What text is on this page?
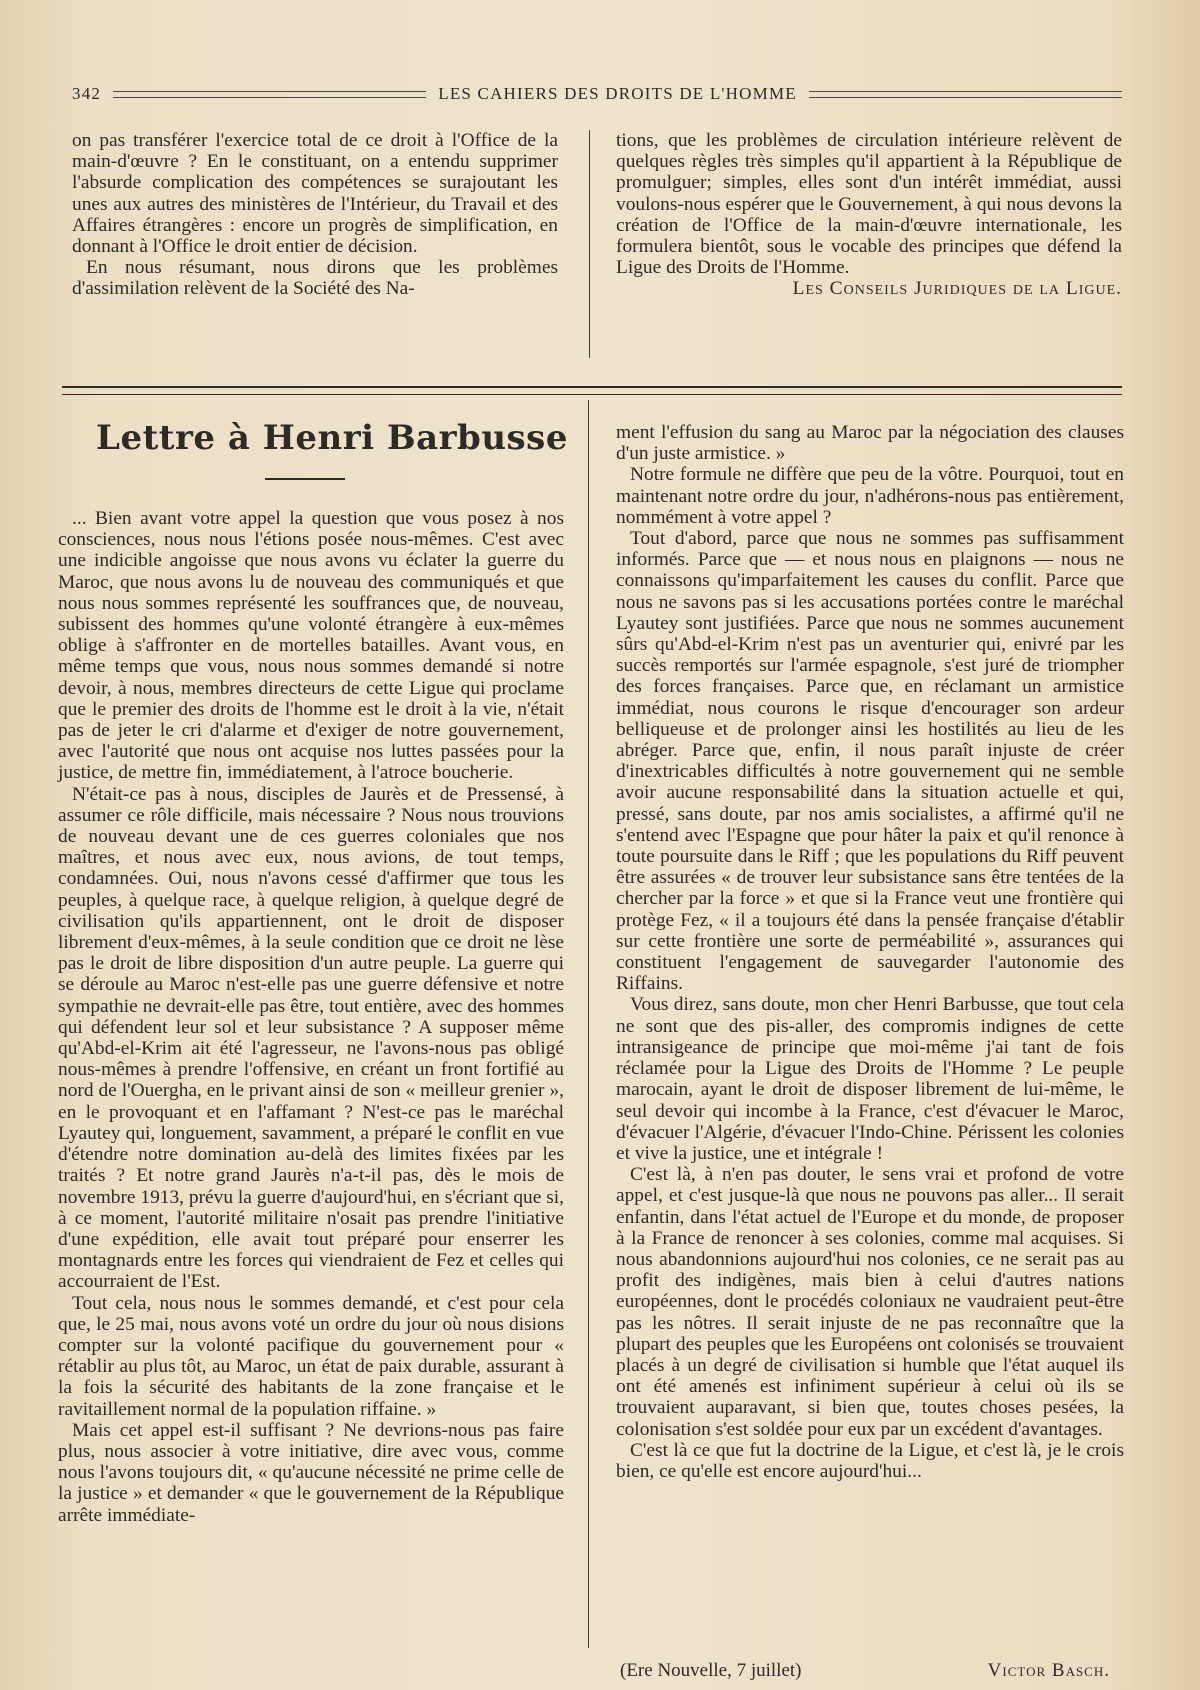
342	LES CAHIERS DES DROITS DE L'HOMME

on pas transférer l'exercice total de ce droit à l'Office de la main-d'œuvre ? En le constituant, on a entendu supprimer l'absurde complication des compétences se surajoutant les unes aux autres des ministères de l'Intérieur, du Travail et des Affaires étrangères : encore un progrès de simplification, en donnant à l'Office le droit entier de décision.

En nous résumant, nous dirons que les problèmes d'assimilation relèvent de la Société des Na-

tions, que les problèmes de circulation intérieure relèvent de quelques règles très simples qu'il appartient à la République de promulguer; simples, elles sont d'un intérêt immédiat, aussi voulons-nous espérer que le Gouvernement, à qui nous devons la création de l'Office de la main-d'œuvre internationale, les formulera bientôt, sous le vocable des principes que défend la Ligue des Droits de l'Homme.

Les Conseils Juridiques de la Ligue.

Lettre à Henri Barbusse

... Bien avant votre appel la question que vous posez à nos consciences, nous nous l'étions posée nous-mêmes. C'est avec une indicible angoisse que nous avons vu éclater la guerre du Maroc, que nous avons lu de nouveau des communiqués et que nous nous sommes représenté les souffrances que, de nouveau, subissent des hommes qu'une volonté étrangère à eux-mêmes oblige à s'affronter en de mortelles batailles. Avant vous, en même temps que vous, nous nous sommes demandé si notre devoir, à nous, membres directeurs de cette Ligue qui proclame que le premier des droits de l'homme est le droit à la vie, n'était pas de jeter le cri d'alarme et d'exiger de notre gouvernement, avec l'autorité que nous ont acquise nos luttes passées pour la justice, de mettre fin, immédiatement, à l'atroce boucherie.

N'était-ce pas à nous, disciples de Jaurès et de Pressensé, à assumer ce rôle difficile, mais nécessaire ? Nous nous trouvions de nouveau devant une de ces guerres coloniales que nos maîtres, et nous avec eux, nous avions, de tout temps, condamnées. Oui, nous n'avons cessé d'affirmer que tous les peuples, à quelque race, à quelque religion, à quelque degré de civilisation qu'ils appartiennent, ont le droit de disposer librement d'eux-mêmes, à la seule condition que ce droit ne lèse pas le droit de libre disposition d'un autre peuple. La guerre qui se déroule au Maroc n'est-elle pas une guerre défensive et notre sympathie ne devrait-elle pas être, tout entière, avec des hommes qui défendent leur sol et leur subsistance ? A supposer même qu'Abd-el-Krim ait été l'agresseur, ne l'avons-nous pas obligé nous-mêmes à prendre l'offensive, en créant un front fortifié au nord de l'Ouergha, en le privant ainsi de son « meilleur grenier », en le provoquant et en l'affamant ? N'est-ce pas le maréchal Lyautey qui, longuement, savamment, a préparé le conflit en vue d'étendre notre domination au-delà des limites fixées par les traités ? Et notre grand Jaurès n'a-t-il pas, dès le mois de novembre 1913, prévu la guerre d'aujourd'hui, en s'écriant que si, à ce moment, l'autorité militaire n'osait pas prendre l'initiative d'une expédition, elle avait tout préparé pour enserrer les montagnards entre les forces qui viendraient de Fez et celles qui accourraient de l'Est.

Tout cela, nous nous le sommes demandé, et c'est pour cela que, le 25 mai, nous avons voté un ordre du jour où nous disions compter sur la volonté pacifique du gouvernement pour « rétablir au plus tôt, au Maroc, un état de paix durable, assurant à la fois la sécurité des habitants de la zone française et le ravitaillement normal de la population riffaine. »

Mais cet appel est-il suffisant ? Ne devrions-nous pas faire plus, nous associer à votre initiative, dire avec vous, comme nous l'avons toujours dit, « qu'aucune nécessité ne prime celle de la justice » et demander « que le gouvernement de la République arrête immédiate-

ment l'effusion du sang au Maroc par la négociation des clauses d'un juste armistice. »

Notre formule ne diffère que peu de la vôtre. Pourquoi, tout en maintenant notre ordre du jour, n'adhérons-nous pas entièrement, nommément à votre appel ?

Tout d'abord, parce que nous ne sommes pas suffisamment informés. Parce que — et nous nous en plaignons — nous ne connaissons qu'imparfaitement les causes du conflit. Parce que nous ne savons pas si les accusations portées contre le maréchal Lyautey sont justifiées. Parce que nous ne sommes aucunement sûrs qu'Abd-el-Krim n'est pas un aventurier qui, enivré par les succès remportés sur l'armée espagnole, s'est juré de triompher des forces françaises. Parce que, en réclamant un armistice immédiat, nous courons le risque d'encourager son ardeur belliqueuse et de prolonger ainsi les hostilités au lieu de les abréger. Parce que, enfin, il nous paraît injuste de créer d'inextricables difficultés à notre gouvernement qui ne semble avoir aucune responsabilité dans la situation actuelle et qui, pressé, sans doute, par nos amis socialistes, a affirmé qu'il ne s'entend avec l'Espagne que pour hâter la paix et qu'il renonce à toute poursuite dans le Riff ; que les populations du Riff peuvent être assurées « de trouver leur subsistance sans être tentées de la chercher par la force » et que si la France veut une frontière qui protège Fez, « il a toujours été dans la pensée française d'établir sur cette frontière une sorte de perméabilité », assurances qui constituent l'engagement de sauvegarder l'autonomie des Riffains.

Vous direz, sans doute, mon cher Henri Barbusse, que tout cela ne sont que des pis-aller, des compromis indignes de cette intransigeance de principe que moi-même j'ai tant de fois réclamée pour la Ligue des Droits de l'Homme ? Le peuple marocain, ayant le droit de disposer librement de lui-même, le seul devoir qui incombe à la France, c'est d'évacuer le Maroc, d'évacuer l'Algérie, d'évacuer l'Indo-Chine. Périssent les colonies et vive la justice, une et intégrale !

C'est là, à n'en pas douter, le sens vrai et profond de votre appel, et c'est jusque-là que nous ne pouvons pas aller... Il serait enfantin, dans l'état actuel de l'Europe et du monde, de proposer à la France de renoncer à ses colonies, comme mal acquises. Si nous abandonnions aujourd'hui nos colonies, ce ne serait pas au profit des indigènes, mais bien à celui d'autres nations européennes, dont le procédés coloniaux ne vaudraient peut-être pas les nôtres. Il serait injuste de ne pas reconnaître que la plupart des peuples que les Européens ont colonisés se trouvaient placés à un degré de civilisation si humble que l'état auquel ils ont été amenés est infiniment supérieur à celui où ils se trouvaient auparavant, si bien que, toutes choses pesées, la colonisation s'est soldée pour eux par un excédent d'avantages.

C'est là ce que fut la doctrine de la Ligue, et c'est là, je le crois bien, ce qu'elle est encore aujourd'hui...

(Ere Nouvelle, 7 juillet)	Victor Basch.
